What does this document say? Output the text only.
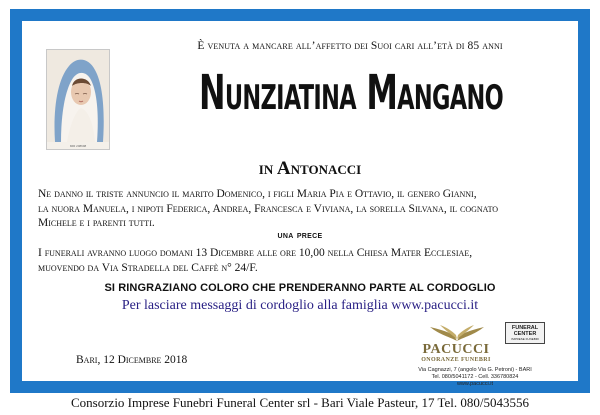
MIR 208698
È venuta a mancare all’affetto dei Suoi cari all’età di 85 anni
Nunziatina Mangano
in Antonacci
Ne danno il triste annuncio il marito Domenico, i figli Maria Pia e Ottavio, il genero Gianni,
la nuora Manuela, i nipoti Federica, Andrea, Francesca e Viviana, la sorella Silvana, il cognato
Michele e i parenti tutti.
una prece
I funerali avranno luogo domani 13 Dicembre alle ore 10,00 nella Chiesa Mater Ecclesiae,
muovendo da Via Stradella del Caffè n° 24/F.
SI RINGRAZIANO COLORO CHE PRENDERANNO PARTE AL CORDOGLIO
Per lasciare messaggi di cordoglio alla famiglia www.pacucci.it
Bari, 12 Dicembre 2018
PACUCCI
ONORANZE FUNEBRI
Via Cagnazzi, 7 (angolo Via G. Petroni) - BARI
Tel. 080/5041172 - Cell. 336780824
www.pacucci.it
FUNERAL
CENTER
IMPRESE FUNEBRI
Consorzio Imprese Funebri Funeral Center srl - Bari Viale Pasteur, 17 Tel. 080/5043556
